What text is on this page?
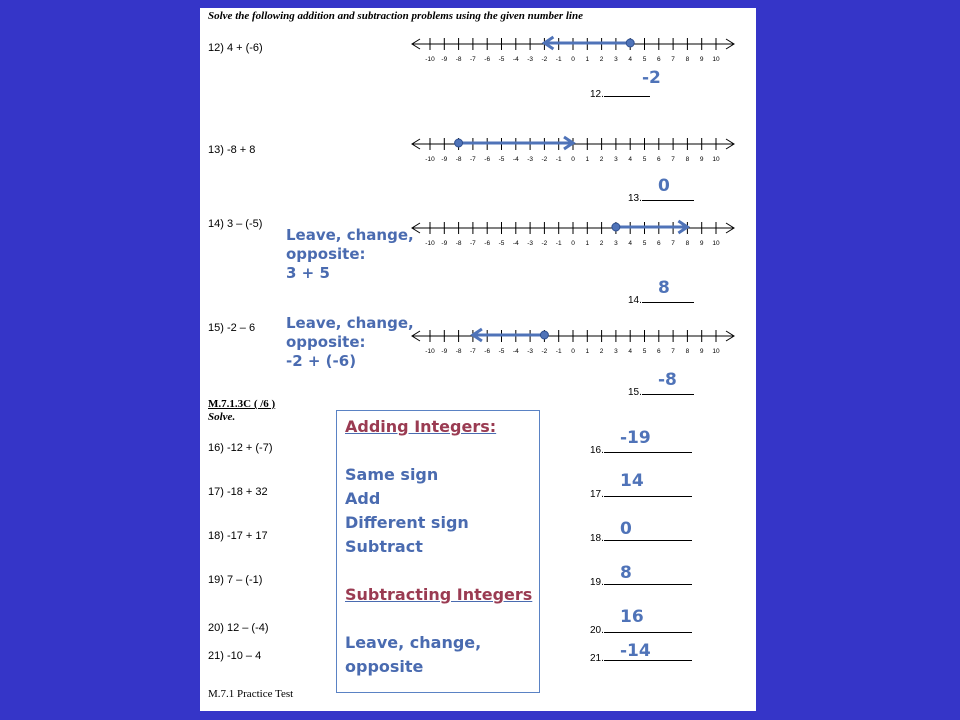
Solve the following addition and subtraction problems using the given number line
12) 4 + (-6)
-10 -9 -8 -7 -6 -5 -4 -3 -2 -1 0 1 2 3 4 5 6 7 8 9 10
-2
12.
13) -8 + 8
-10 -9 -8 -7 -6 -5 -4 -3 -2 -1 0 1 2 3 4 5 6 7 8 9 10
0
13.
14) 3 – (-5)
Leave, change,
opposite:
3 + 5
-10 -9 -8 -7 -6 -5 -4 -3 -2 -1 0 1 2 3 4 5 6 7 8 9 10
8
14.
15) -2 – 6 Leave, change,
opposite:
-2 + (-6)
-10 -9 -8 -7 -6 -5 -4 -3 -2 -1 0 1 2 3 4 5 6 7 8 9 10
-8
15.
M.7.1.3C ( /6 )
Solve.
16) -12 + (-7)
17) -18 + 32
18) -17 + 17
19) 7 – (-1)
20) 12 – (-4)
21) -10 – 4
Adding Integers:
Same sign
Add
Different sign
Subtract
Subtracting Integers
Leave, change,
opposite
-19
16.
14
17.
0
18.
8
19.
16
20.
-14
21.
M.7.1 Practice Test
